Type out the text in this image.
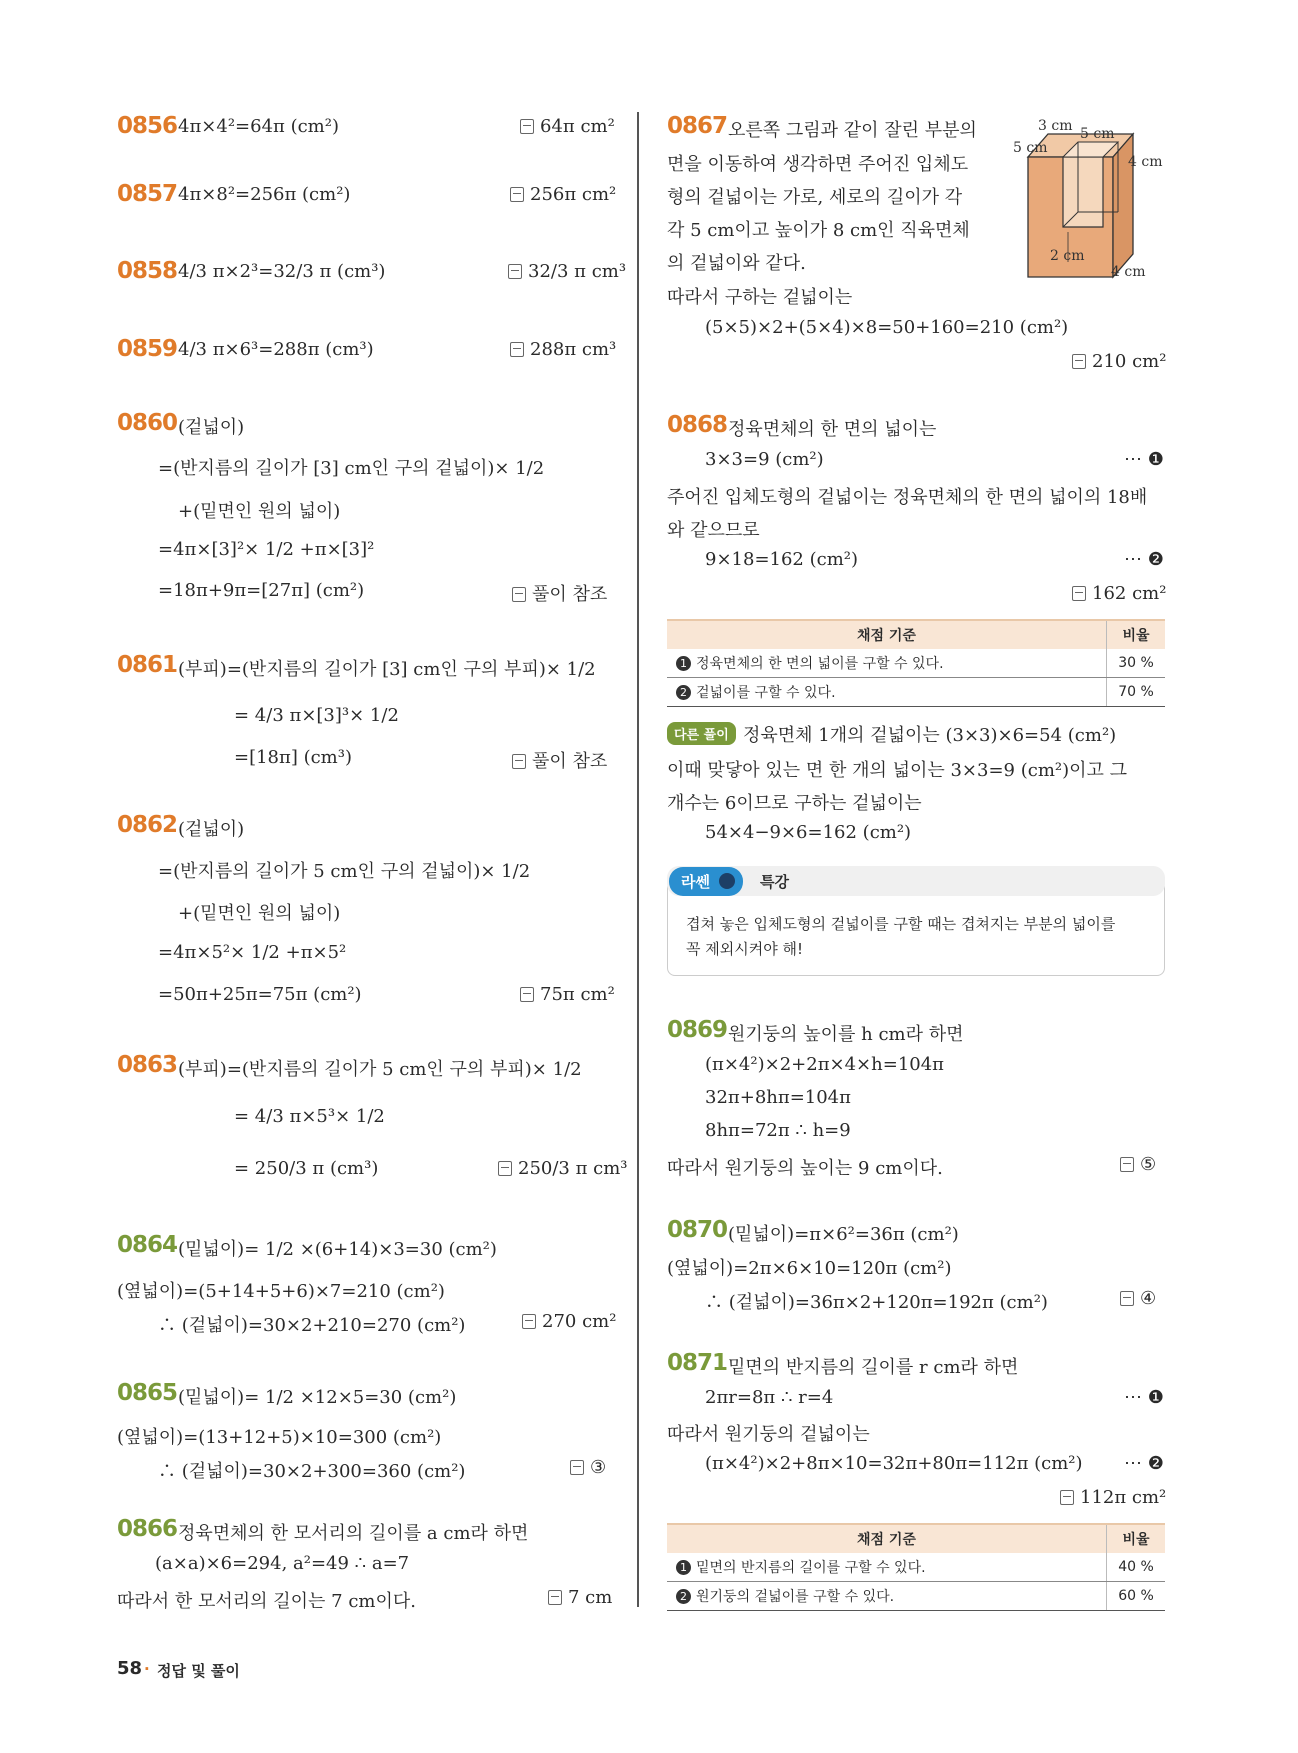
0856 4π×4²=64π (cm²)	64π cm²
0857 4π×8²=256π (cm²)	256π cm²
0858 4/3 π×2³=32/3 π (cm³)	32/3 π cm³
0859 4/3 π×6³=288π (cm³)	288π cm³
0860 (겉넓이)
=(반지름의 길이가 [3] cm인 구의 겉넓이)× 1/2
+(밑면인 원의 넓이)
=4π×[3]²× 1/2 +π×[3]²
=18π+9π=[27π] (cm²)	풀이 참조
0861 (부피)=(반지름의 길이가 [3] cm인 구의 부피)× 1/2
= 4/3 π×[3]³× 1/2
=[18π] (cm³)	풀이 참조
0862 (겉넓이)
=(반지름의 길이가 5 cm인 구의 겉넓이)× 1/2
+(밑면인 원의 넓이)
=4π×5²× 1/2 +π×5²
=50π+25π=75π (cm²)	75π cm²
0863 (부피)=(반지름의 길이가 5 cm인 구의 부피)× 1/2
= 4/3 π×5³× 1/2
= 250/3 π (cm³)	250/3 π cm³
0864 (밑넓이)= 1/2 ×(6+14)×3=30 (cm²)
(옆넓이)=(5+14+5+6)×7=210 (cm²)
∴ (겉넓이)=30×2+210=270 (cm²)	270 cm²
0865 (밑넓이)= 1/2 ×12×5=30 (cm²)
(옆넓이)=(13+12+5)×10=300 (cm²)
∴ (겉넓이)=30×2+300=360 (cm²)	③
0866 정육면체의 한 모서리의 길이를 a cm라 하면
(a×a)×6=294, a²=49 ∴ a=7
따라서 한 모서리의 길이는 7 cm이다.	7 cm
0867 오른쪽 그림과 같이 잘린 부분의
면을 이동하여 생각하면 주어진 입체도
형의 겉넓이는 가로, 세로의 길이가 각
각 5 cm이고 높이가 8 cm인 직육면체
의 겉넓이와 같다.
따라서 구하는 겉넓이는
(5×5)×2+(5×4)×8=50+160=210 (cm²)
210 cm²
3 cm
5 cm
5 cm
4 cm
2 cm
4 cm
0868 정육면체의 한 면의 넓이는
3×3=9 (cm²)	⋯ ❶
주어진 입체도형의 겉넓이는 정육면체의 한 면의 넓이의 18배
와 같으므로
9×18=162 (cm²)	⋯ ❷
162 cm²
채점 기준	비율
1 정육면체의 한 면의 넓이를 구할 수 있다.	30 %
2 겉넓이를 구할 수 있다.	70 %
다른 풀이 정육면체 1개의 겉넓이는 (3×3)×6=54 (cm²)
이때 맞닿아 있는 면 한 개의 넓이는 3×3=9 (cm²)이고 그
개수는 6이므로 구하는 겉넓이는
54×4−9×6=162 (cm²)
라쎈	특강
겹쳐 놓은 입체도형의 겉넓이를 구할 때는 겹쳐지는 부분의 넓이를
꼭 제외시켜야 해!
0869 원기둥의 높이를 h cm라 하면
(π×4²)×2+2π×4×h=104π
32π+8hπ=104π
8hπ=72π ∴ h=9
따라서 원기둥의 높이는 9 cm이다.	⑤
0870 (밑넓이)=π×6²=36π (cm²)
(옆넓이)=2π×6×10=120π (cm²)
∴ (겉넓이)=36π×2+120π=192π (cm²)	④
0871 밑면의 반지름의 길이를 r cm라 하면
2πr=8π ∴ r=4	⋯ ❶
따라서 원기둥의 겉넓이는
(π×4²)×2+8π×10=32π+80π=112π (cm²) ⋯ ❷
112π cm²
채점 기준	비율
1 밑면의 반지름의 길이를 구할 수 있다.	40 %
2 원기둥의 겉넓이를 구할 수 있다.	60 %
58 · 정답 및 풀이
